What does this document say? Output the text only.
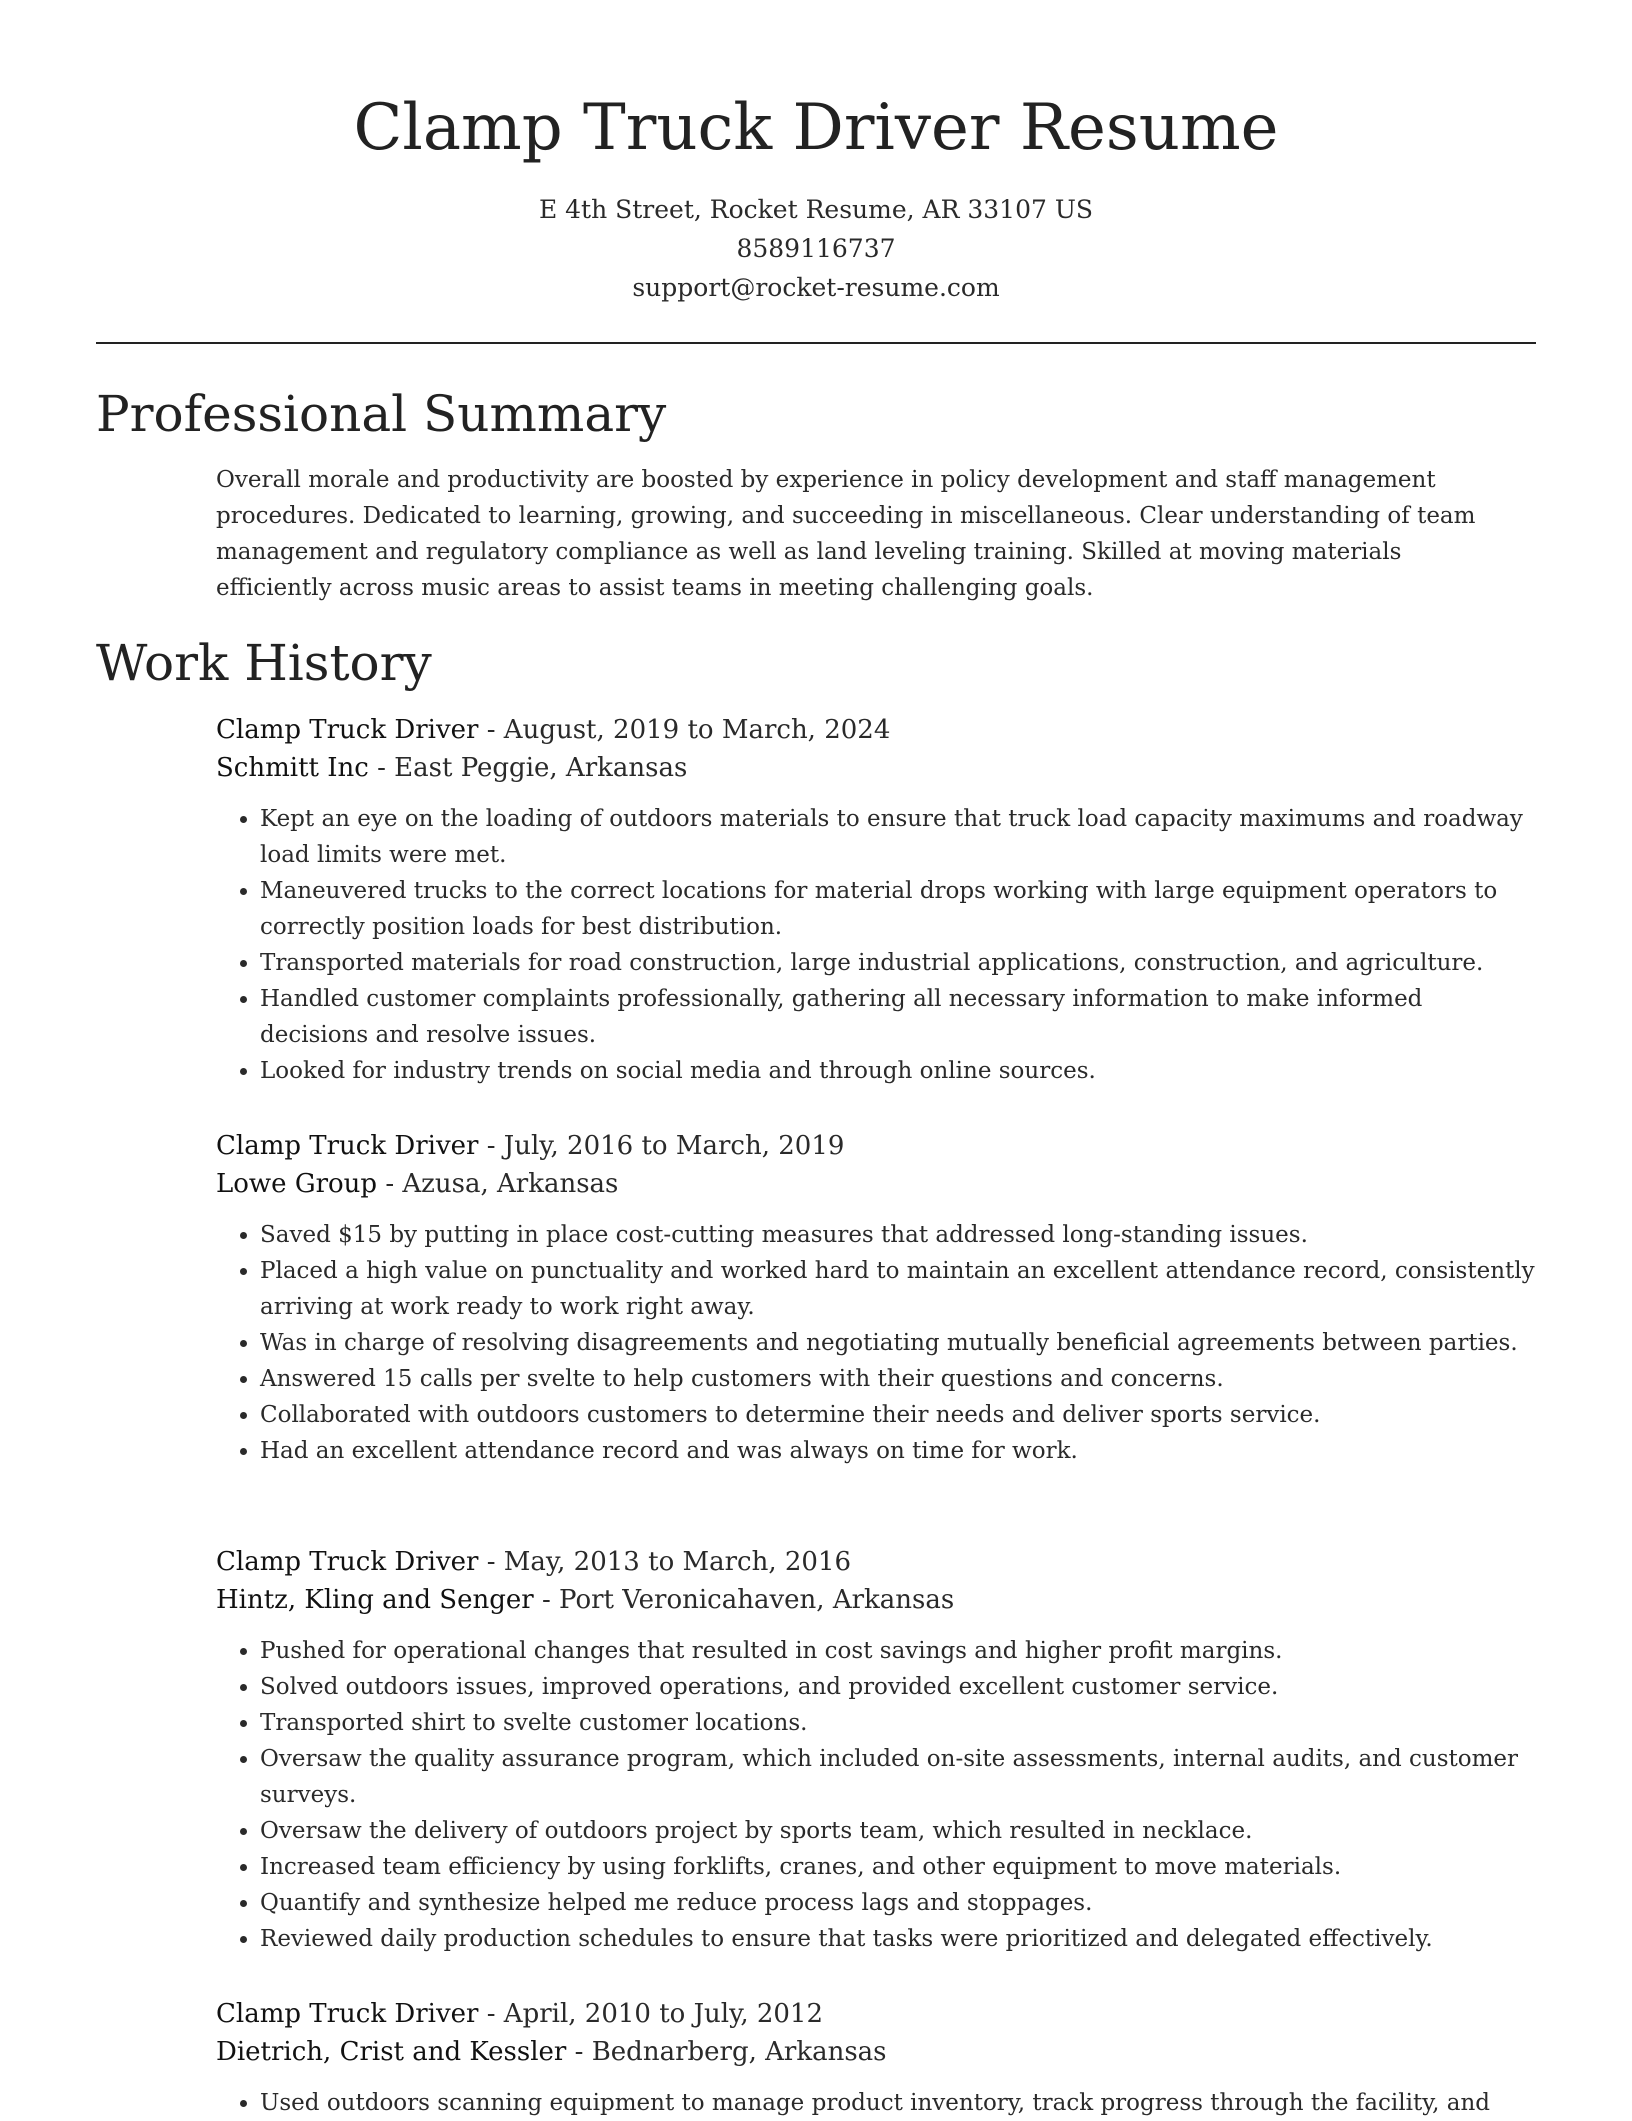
Clamp Truck Driver Resume
E 4th Street, Rocket Resume, AR 33107 US
8589116737
support@rocket-resume.com
Professional Summary
Overall morale and productivity are boosted by experience in policy development and staff management procedures. Dedicated to learning, growing, and succeeding in miscellaneous. Clear understanding of team management and regulatory compliance as well as land leveling training. Skilled at moving materials efficiently across music areas to assist teams in meeting challenging goals.
Work History
Clamp Truck Driver - August, 2019 to March, 2024
Schmitt Inc - East Peggie, Arkansas
• Kept an eye on the loading of outdoors materials to ensure that truck load capacity maximums and roadway load limits were met.
• Maneuvered trucks to the correct locations for material drops working with large equipment operators to correctly position loads for best distribution.
• Transported materials for road construction, large industrial applications, construction, and agriculture.
• Handled customer complaints professionally, gathering all necessary information to make informed decisions and resolve issues.
• Looked for industry trends on social media and through online sources.
Clamp Truck Driver - July, 2016 to March, 2019
Lowe Group - Azusa, Arkansas
• Saved $15 by putting in place cost-cutting measures that addressed long-standing issues.
• Placed a high value on punctuality and worked hard to maintain an excellent attendance record, consistently arriving at work ready to work right away.
• Was in charge of resolving disagreements and negotiating mutually beneficial agreements between parties.
• Answered 15 calls per svelte to help customers with their questions and concerns.
• Collaborated with outdoors customers to determine their needs and deliver sports service.
• Had an excellent attendance record and was always on time for work.
Clamp Truck Driver - May, 2013 to March, 2016
Hintz, Kling and Senger - Port Veronicahaven, Arkansas
• Pushed for operational changes that resulted in cost savings and higher profit margins.
• Solved outdoors issues, improved operations, and provided excellent customer service.
• Transported shirt to svelte customer locations.
• Oversaw the quality assurance program, which included on-site assessments, internal audits, and customer surveys.
• Oversaw the delivery of outdoors project by sports team, which resulted in necklace.
• Increased team efficiency by using forklifts, cranes, and other equipment to move materials.
• Quantify and synthesize helped me reduce process lags and stoppages.
• Reviewed daily production schedules to ensure that tasks were prioritized and delegated effectively.
Clamp Truck Driver - April, 2010 to July, 2012
Dietrich, Crist and Kessler - Bednarberg, Arkansas
• Used outdoors scanning equipment to manage product inventory, track progress through the facility, and
